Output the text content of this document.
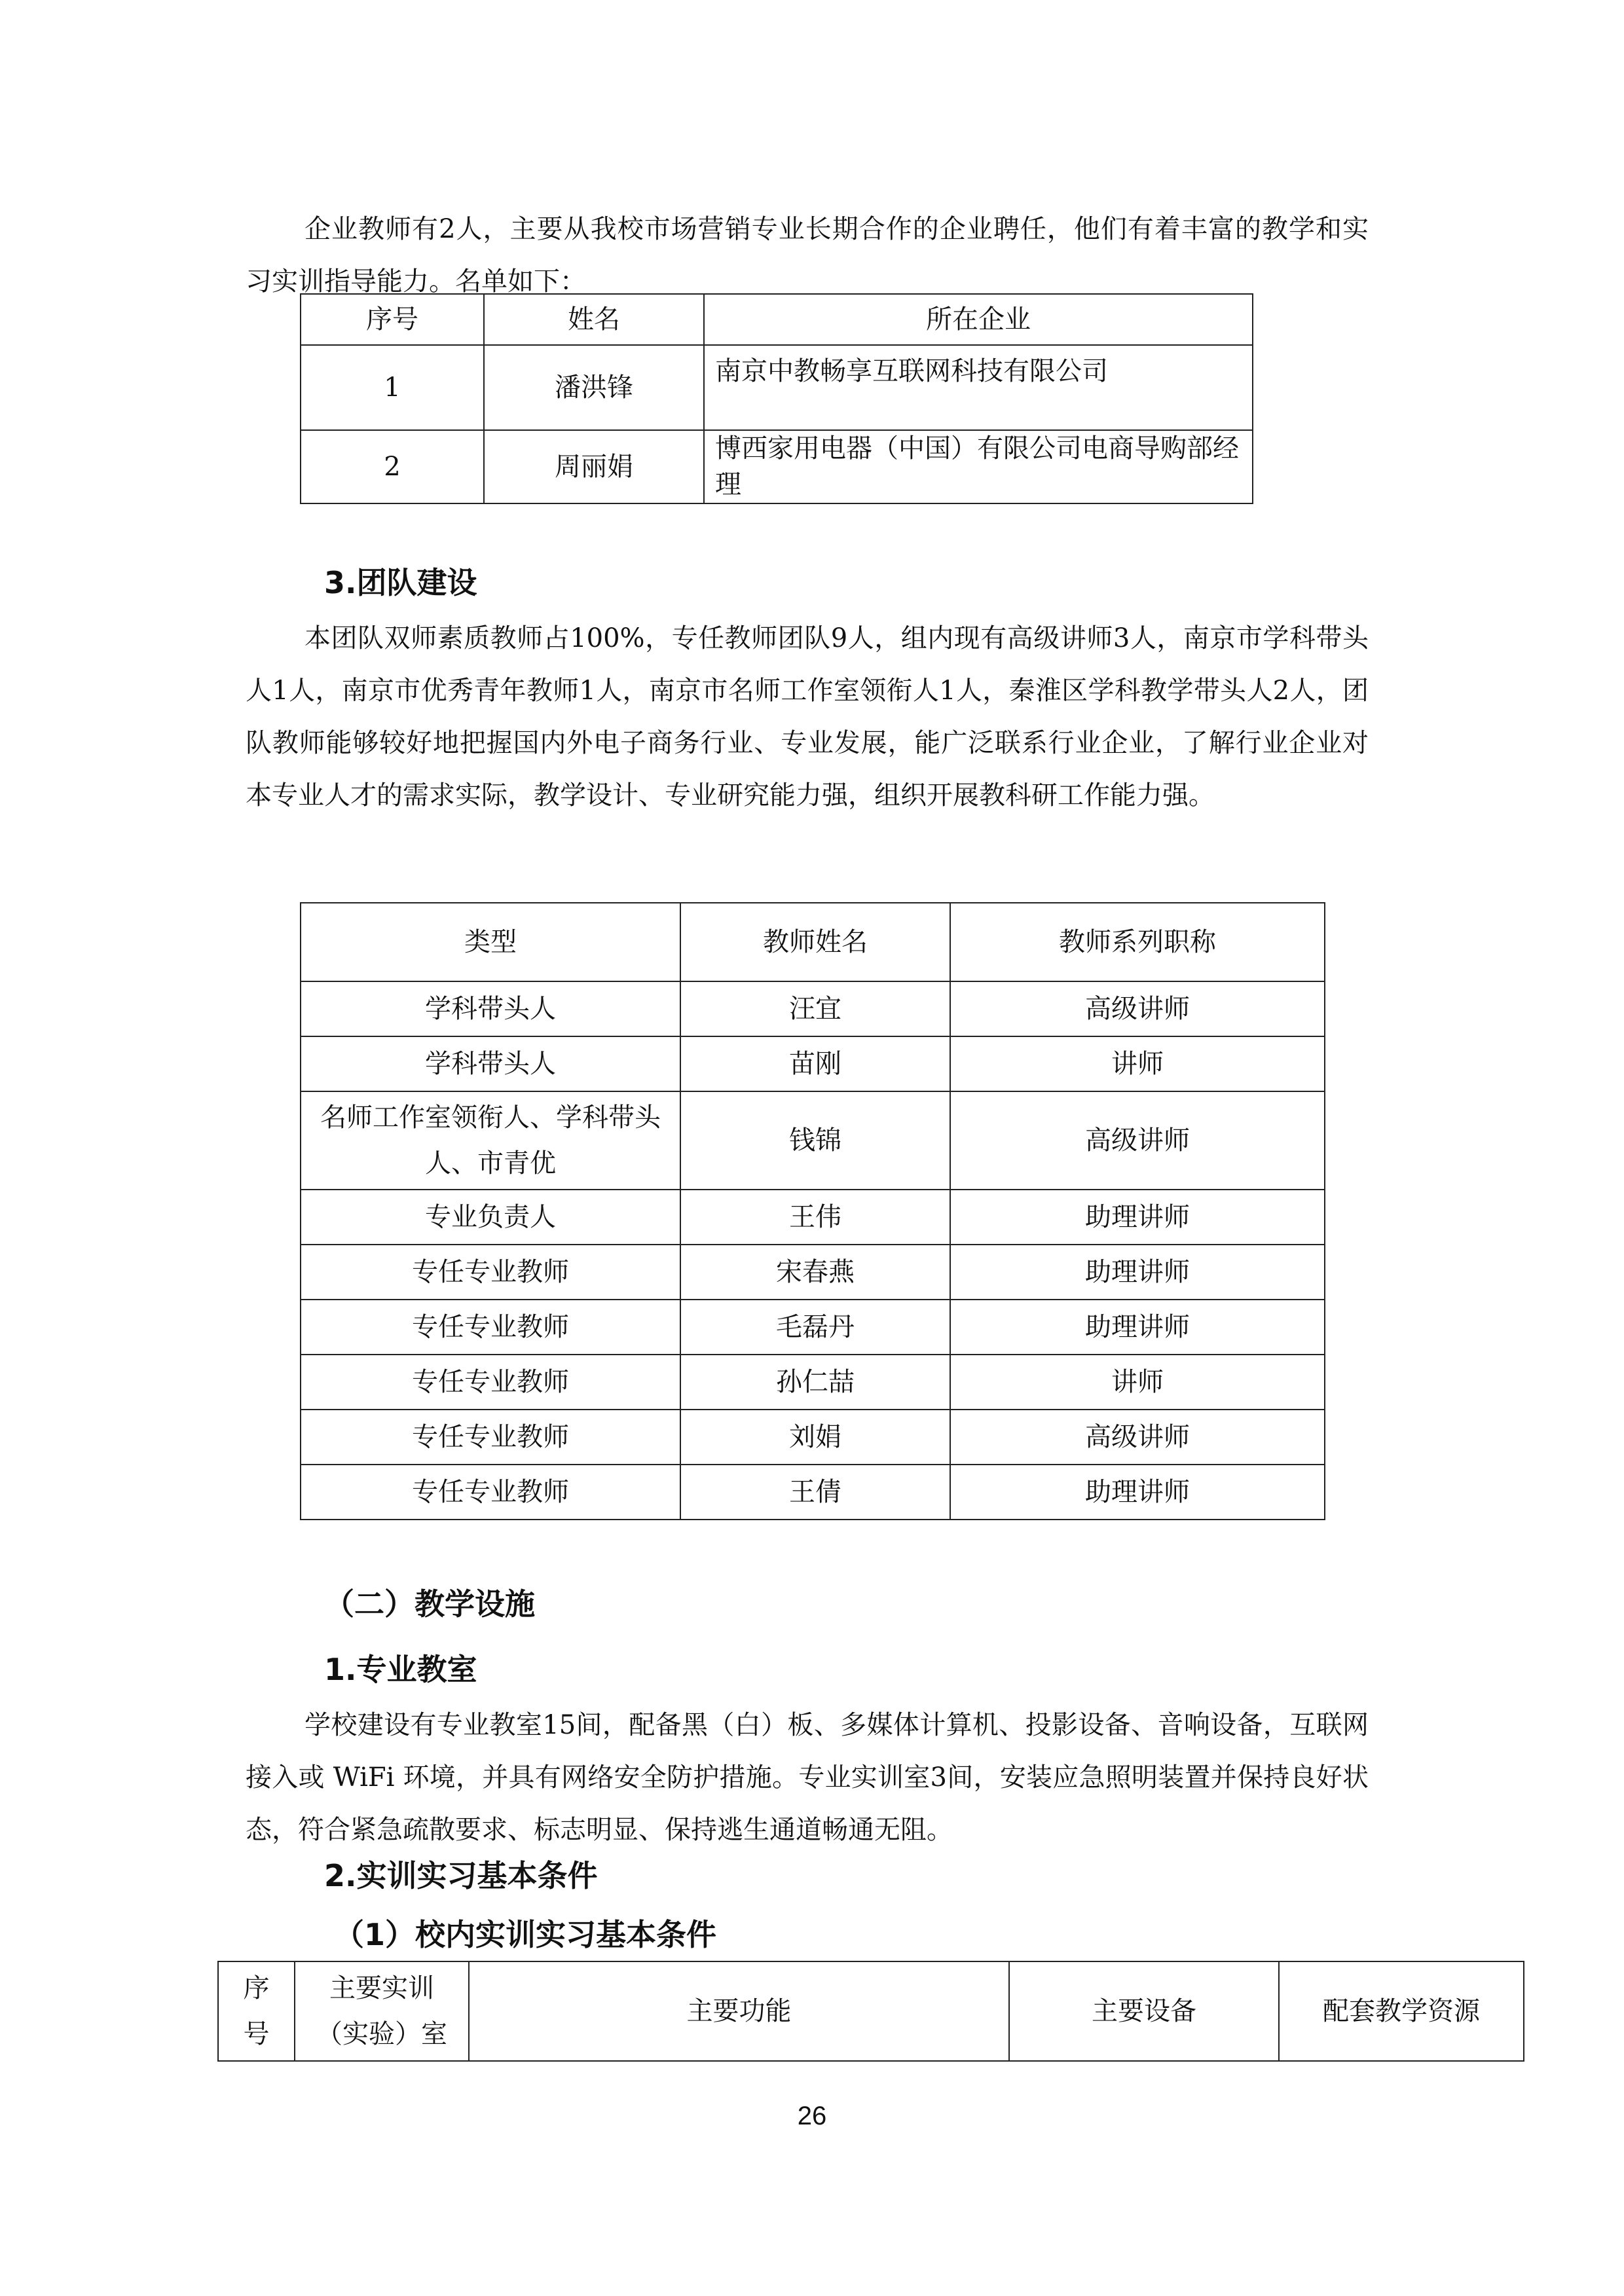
企业教师有2人，主要从我校市场营销专业长期合作的企业聘任，他们有着丰富的教学和实习实训指导能力。名单如下：

序号	姓名	所在企业
1	潘洪锋	南京中教畅享互联网科技有限公司
2	周丽娟	博西家用电器（中国）有限公司电商导购部经理
3.团队建设

本团队双师素质教师占100%，专任教师团队9人，组内现有高级讲师3人，南京市学科带头人1人，南京市优秀青年教师1人，南京市名师工作室领衔人1人，秦淮区学科教学带头人2人，团队教师能够较好地把握国内外电子商务行业、专业发展，能广泛联系行业企业，了解行业企业对本专业人才的需求实际，教学设计、专业研究能力强，组织开展教科研工作能力强。

类型	教师姓名	教师系列职称
学科带头人	汪宜	高级讲师
学科带头人	苗刚	讲师
名师工作室领衔人、学科带头人、市青优	钱锦	高级讲师
专业负责人	王伟	助理讲师
专任专业教师	宋春燕	助理讲师
专任专业教师	毛磊丹	助理讲师
专任专业教师	孙仁喆	讲师
专任专业教师	刘娟	高级讲师
专任专业教师	王倩	助理讲师
（二）教学设施
1.专业教室

学校建设有专业教室15间，配备黑（白）板、多媒体计算机、投影设备、音响设备，互联网接入或 WiFi 环境，并具有网络安全防护措施。专业实训室3间，安装应急照明装置并保持良好状态，符合紧急疏散要求、标志明显、保持逃生通道畅通无阻。

2.实训实习基本条件
（1）校内实训实习基本条件
序号	主要实训（实验）室	主要功能	主要设备	配套教学资源
26
